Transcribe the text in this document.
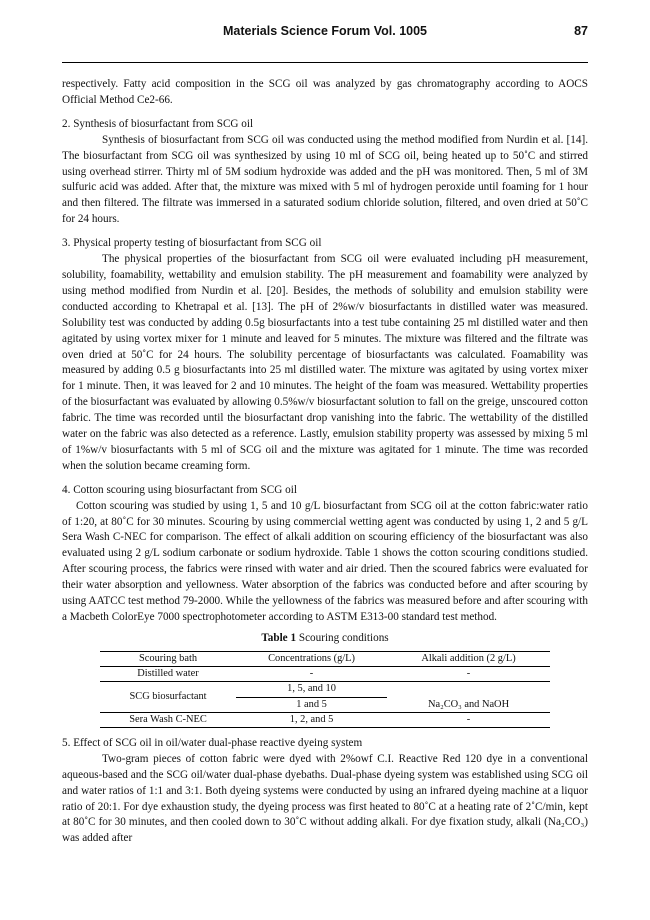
Materials Science Forum Vol. 1005	87

respectively. Fatty acid composition in the SCG oil was analyzed by gas chromatography according to AOCS Official Method Ce2-66.

2. Synthesis of biosurfactant from SCG oil

Synthesis of biosurfactant from SCG oil was conducted using the method modified from Nurdin et al. [14]. The biosurfactant from SCG oil was synthesized by using 10 ml of SCG oil, being heated up to 50˚C and stirred using overhead stirrer. Thirty ml of 5M sodium hydroxide was added and the pH was monitored. Then, 5 ml of 3M sulfuric acid was added. After that, the mixture was mixed with 5 ml of hydrogen peroxide until foaming for 1 hour and then filtered. The filtrate was immersed in a saturated sodium chloride solution, filtered, and oven dried at 50˚C for 24 hours.

3. Physical property testing of biosurfactant from SCG oil

The physical properties of the biosurfactant from SCG oil were evaluated including pH measurement, solubility, foamability, wettability and emulsion stability. The pH measurement and foamability were analyzed by using method modified from Nurdin et al. [20]. Besides, the methods of solubility and emulsion stability were conducted according to Khetrapal et al. [13]. The pH of 2%w/v biosurfactants in distilled water was measured. Solubility test was conducted by adding 0.5g biosurfactants into a test tube containing 25 ml distilled water and then agitated by using vortex mixer for 1 minute and leaved for 5 minutes. The mixture was filtered and the filtrate was oven dried at 50˚C for 24 hours. The solubility percentage of biosurfactants was calculated. Foamability was measured by adding 0.5 g biosurfactants into 25 ml distilled water. The mixture was agitated by using vortex mixer for 1 minute. Then, it was leaved for 2 and 10 minutes. The height of the foam was measured. Wettability properties of the biosurfactant was evaluated by allowing 0.5%w/v biosurfactant solution to fall on the greige, unscoured cotton fabric. The time was recorded until the biosurfactant drop vanishing into the fabric. The wettability of the distilled water on the fabric was also detected as a reference. Lastly, emulsion stability property was assessed by mixing 5 ml of 1%w/v biosurfactants with 5 ml of SCG oil and the mixture was agitated for 1 minute. The time was recorded when the solution became creaming form.

4. Cotton scouring using biosurfactant from SCG oil

Cotton scouring was studied by using 1, 5 and 10 g/L biosurfactant from SCG oil at the cotton fabric:water ratio of 1:20, at 80˚C for 30 minutes. Scouring by using commercial wetting agent was conducted by using 1, 2 and 5 g/L Sera Wash C-NEC for comparison. The effect of alkali addition on scouring efficiency of the biosurfactant was also evaluated using 2 g/L sodium carbonate or sodium hydroxide. Table 1 shows the cotton scouring conditions studied. After scouring process, the fabrics were rinsed with water and air dried. Then the scoured fabrics were evaluated for their water absorption and yellowness. Water absorption of the fabrics was conducted before and after scouring by using AATCC test method 79-2000. While the yellowness of the fabrics was measured before and after scouring with a Macbeth ColorEye 7000 spectrophotometer according to ASTM E313-00 standard test method.

Table 1 Scouring conditions
Scouring bath	Concentrations (g/L)	Alkali addition (2 g/L)
Distilled water	-	-
SCG biosurfactant	1, 5, and 10	Na₂CO₃ and NaOH
	1 and 5	
Sera Wash C-NEC	1, 2, and 5	-

5. Effect of SCG oil in oil/water dual-phase reactive dyeing system

Two-gram pieces of cotton fabric were dyed with 2%owf C.I. Reactive Red 120 dye in a conventional aqueous-based and the SCG oil/water dual-phase dyebaths. Dual-phase dyeing system was established using SCG oil and water ratios of 1:1 and 3:1. Both dyeing systems were conducted by using an infrared dyeing machine at a liquor ratio of 20:1. For dye exhaustion study, the dyeing process was first heated to 80˚C at a heating rate of 2˚C/min, kept at 80˚C for 30 minutes, and then cooled down to 30˚C without adding alkali. For dye fixation study, alkali (Na₂CO₃) was added after
